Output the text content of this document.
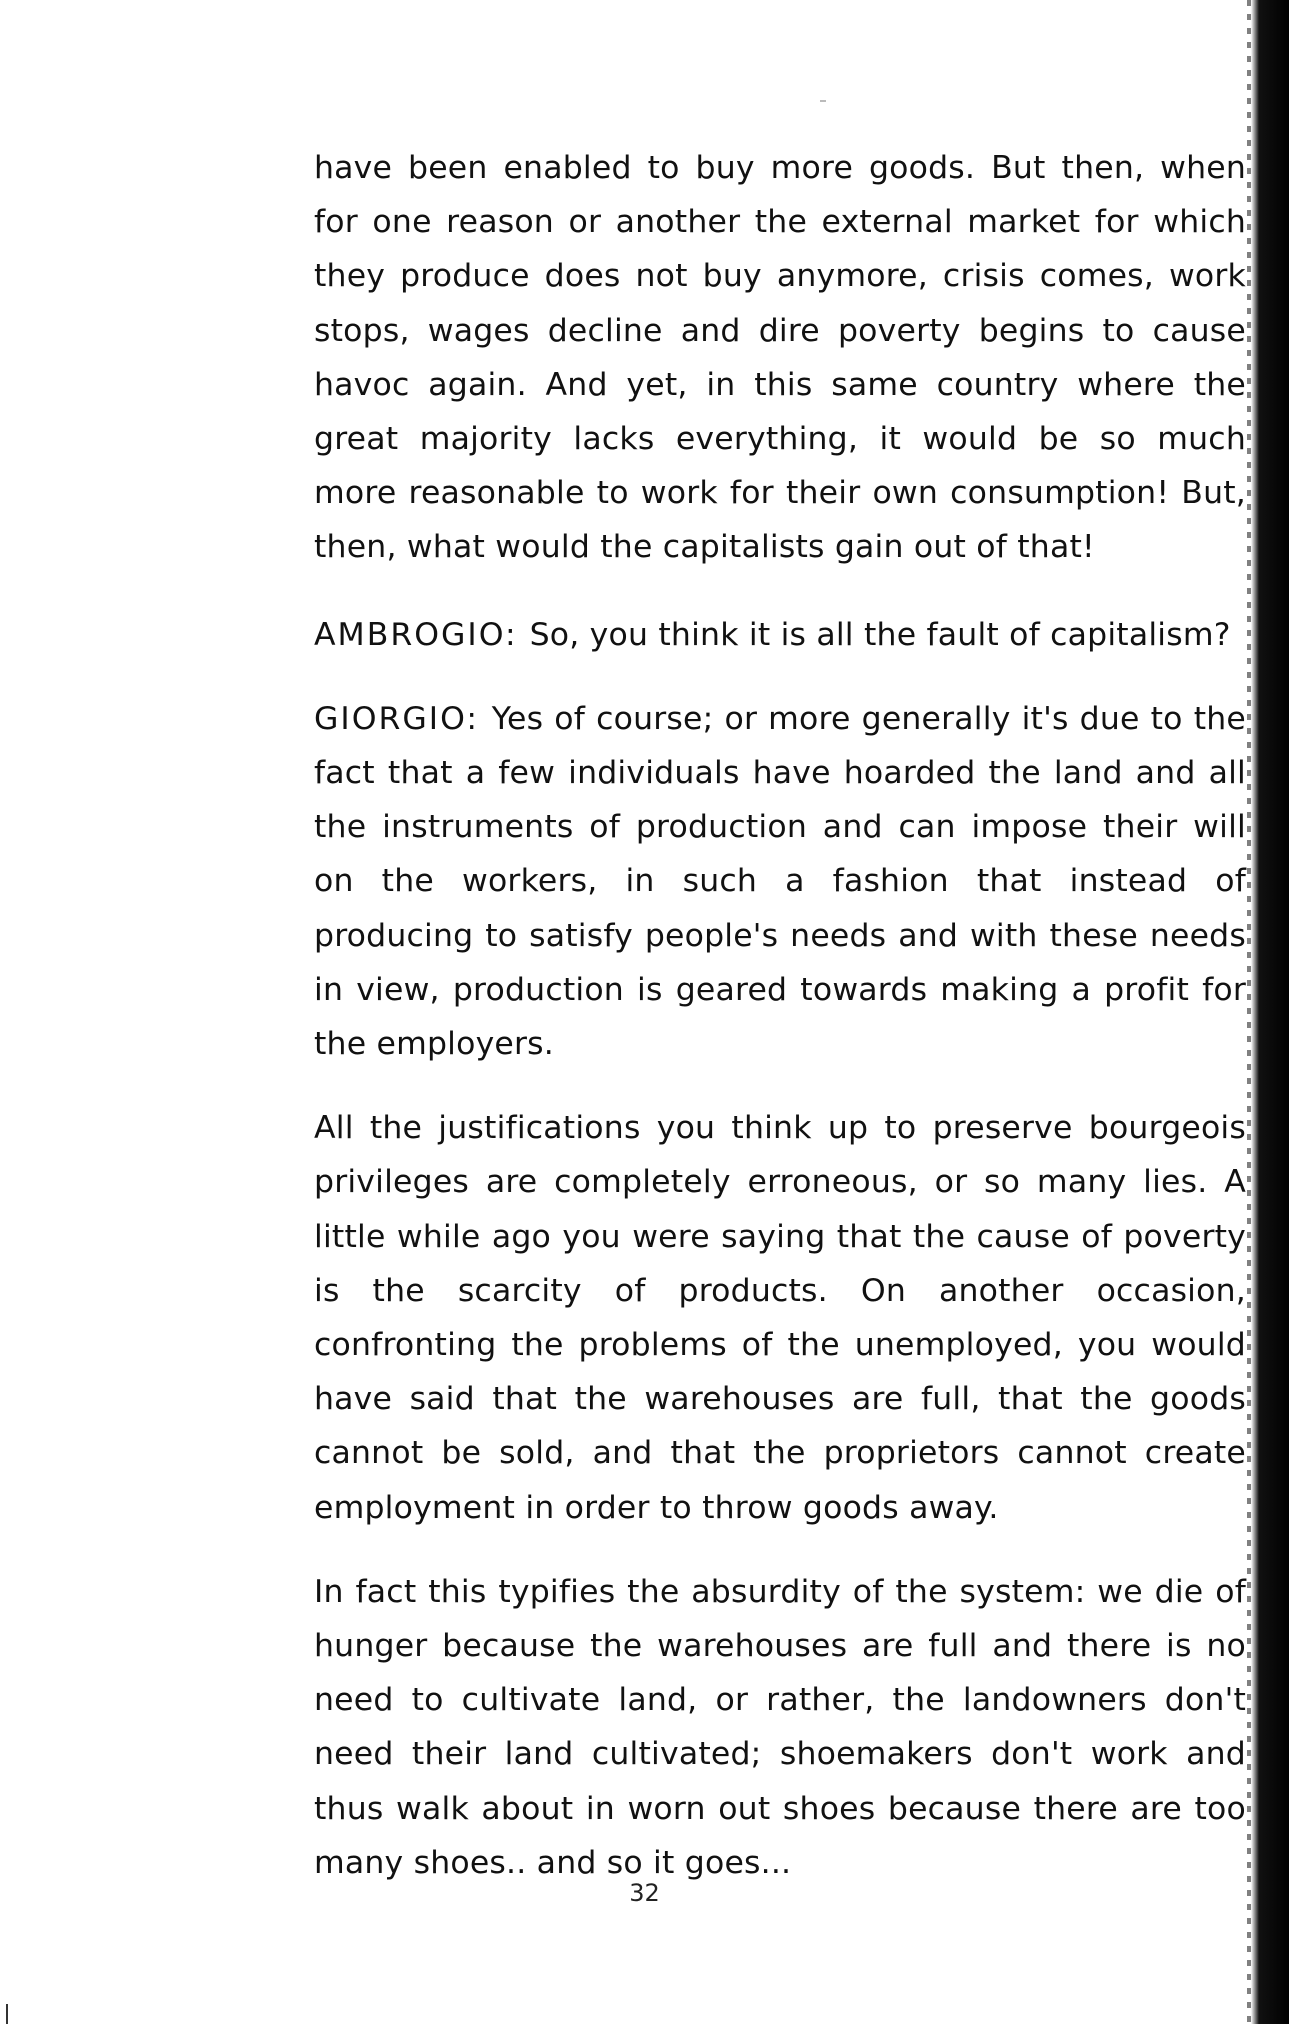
have been enabled to buy more goods. But then, when for one reason or another the external market for which they produce does not buy anymore, crisis comes, work stops, wages decline and dire poverty begins to cause havoc again. And yet, in this same country where the great majority lacks everything, it would be so much more reasonable to work for their own consumption! But, then, what would the capitalists gain out of that!

AMBROGIO: So, you think it is all the fault of capitalism?

GIORGIO: Yes of course; or more generally it's due to the fact that a few individuals have hoarded the land and all the instruments of production and can impose their will on the workers, in such a fashion that instead of producing to satisfy people's needs and with these needs in view, production is geared towards making a profit for the employers.

All the justifications you think up to preserve bourgeois privileges are completely erroneous, or so many lies. A little while ago you were saying that the cause of poverty is the scarcity of products. On another occasion, confronting the problems of the unemployed, you would have said that the warehouses are full, that the goods cannot be sold, and that the proprietors cannot create employment in order to throw goods away.

In fact this typifies the absurdity of the system: we die of hunger because the warehouses are full and there is no need to cultivate land, or rather, the landowners don't need their land cultivated; shoemakers don't work and thus walk about in worn out shoes because there are too many shoes.. and so it goes...

32
